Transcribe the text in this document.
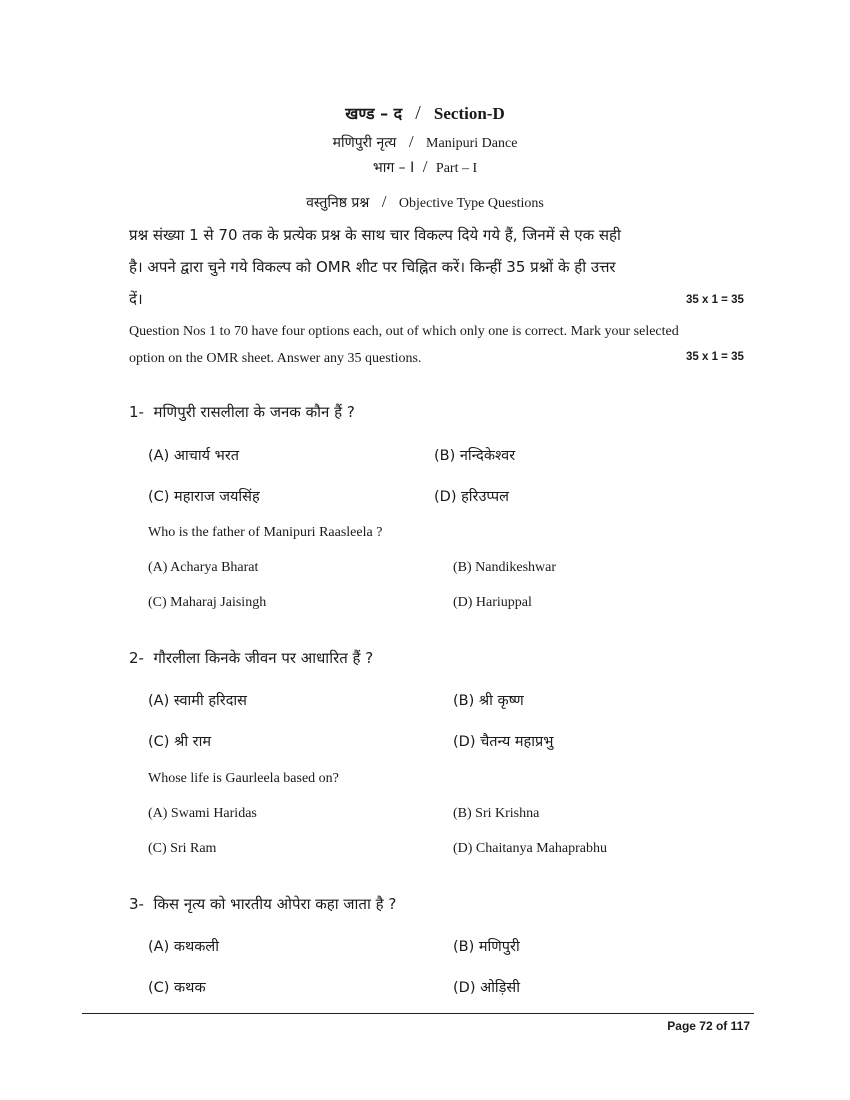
खण्ड – द / Section-D
मणिपुरी नृत्य / Manipuri Dance
भाग – I / Part – I
वस्तुनिष्ठ प्रश्न / Objective Type Questions
प्रश्न संख्या 1 से 70 तक के प्रत्येक प्रश्न के साथ चार विकल्प दिये गये हैं, जिनमें से एक सही
है। अपने द्वारा चुने गये विकल्प को OMR शीट पर चिह्नित करें। किन्हीं 35 प्रश्नों के ही उत्तर
दें।	35 x 1 = 35
Question Nos 1 to 70 have four options each, out of which only one is correct. Mark your selected
option on the OMR sheet. Answer any 35 questions.	35 x 1 = 35
1- मणिपुरी रासलीला के जनक कौन हैं ?
(A) आचार्य भरत	(B) नन्दिकेश्वर
(C) महाराज जयसिंह	(D) हरिउप्पल
Who is the father of Manipuri Raasleela ?
(A) Acharya Bharat	(B) Nandikeshwar
(C) Maharaj Jaisingh	(D) Hariuppal
2- गौरलीला किनके जीवन पर आधारित हैं ?
(A) स्वामी हरिदास	(B) श्री कृष्ण
(C) श्री राम	(D) चैतन्य महाप्रभु
Whose life is Gaurleela based on?
(A) Swami Haridas	(B) Sri Krishna
(C) Sri Ram	(D) Chaitanya Mahaprabhu
3- किस नृत्य को भारतीय ओपेरा कहा जाता है ?
(A) कथकली	(B) मणिपुरी
(C) कथक	(D) ओड़िसी
Page 72 of 117
